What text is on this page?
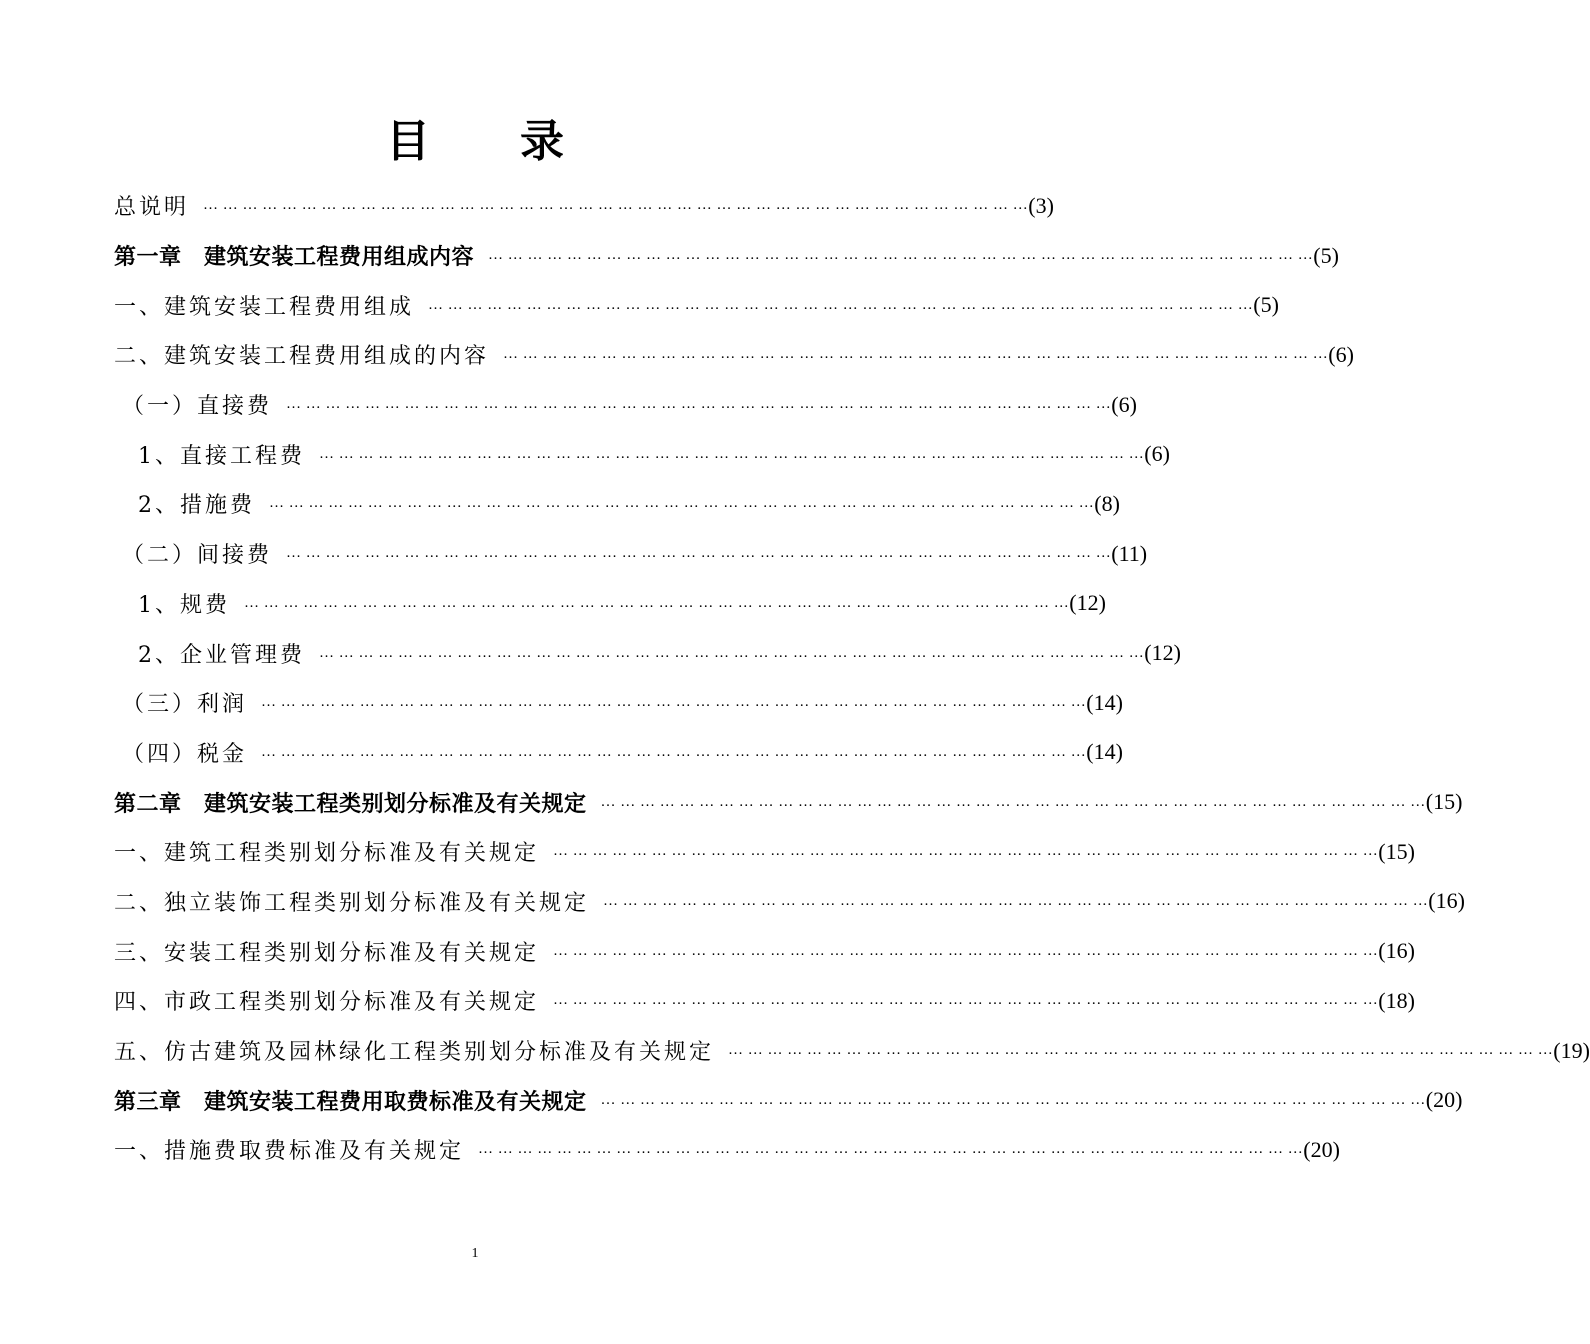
目录
总说明 … … … … … … … … … … … … … … … … … … … … … … … … … … … … … … … … … … … … … … … … … … (3)
第一章　建筑安装工程费用组成内容 … … … … … … … … … … … … … … … … … … … … … … … … … … … … … … … … … … … … … … … … … … (5)
一、建筑安装工程费用组成 … … … … … … … … … … … … … … … … … … … … … … … … … … … … … … … … … … … … … … … … … … (5)
二、建筑安装工程费用组成的内容 … … … … … … … … … … … … … … … … … … … … … … … … … … … … … … … … … … … … … … … … … … (6)
（一）直接费 … … … … … … … … … … … … … … … … … … … … … … … … … … … … … … … … … … … … … … … … … … (6)
1、直接工程费 … … … … … … … … … … … … … … … … … … … … … … … … … … … … … … … … … … … … … … … … … … (6)
2、措施费 … … … … … … … … … … … … … … … … … … … … … … … … … … … … … … … … … … … … … … … … … … (8)
（二）间接费 … … … … … … … … … … … … … … … … … … … … … … … … … … … … … … … … … … … … … … … … … … (11)
1、规费 … … … … … … … … … … … … … … … … … … … … … … … … … … … … … … … … … … … … … … … … … … (12)
2、企业管理费 … … … … … … … … … … … … … … … … … … … … … … … … … … … … … … … … … … … … … … … … … … (12)
（三）利润 … … … … … … … … … … … … … … … … … … … … … … … … … … … … … … … … … … … … … … … … … … (14)
（四）税金 … … … … … … … … … … … … … … … … … … … … … … … … … … … … … … … … … … … … … … … … … … (14)
第二章　建筑安装工程类别划分标准及有关规定 … … … … … … … … … … … … … … … … … … … … … … … … … … … … … … … … … … … … … … … … … … (15)
一、建筑工程类别划分标准及有关规定 … … … … … … … … … … … … … … … … … … … … … … … … … … … … … … … … … … … … … … … … … … (15)
二、独立装饰工程类别划分标准及有关规定 … … … … … … … … … … … … … … … … … … … … … … … … … … … … … … … … … … … … … … … … … … (16)
三、安装工程类别划分标准及有关规定 … … … … … … … … … … … … … … … … … … … … … … … … … … … … … … … … … … … … … … … … … … (16)
四、市政工程类别划分标准及有关规定 … … … … … … … … … … … … … … … … … … … … … … … … … … … … … … … … … … … … … … … … … … (18)
五、仿古建筑及园林绿化工程类别划分标准及有关规定 … … … … … … … … … … … … … … … … … … … … … … … … … … … … … … … … … … … … … … … … … … (19)
第三章　建筑安装工程费用取费标准及有关规定 … … … … … … … … … … … … … … … … … … … … … … … … … … … … … … … … … … … … … … … … … … (20)
一、措施费取费标准及有关规定 … … … … … … … … … … … … … … … … … … … … … … … … … … … … … … … … … … … … … … … … … … (20)
1
